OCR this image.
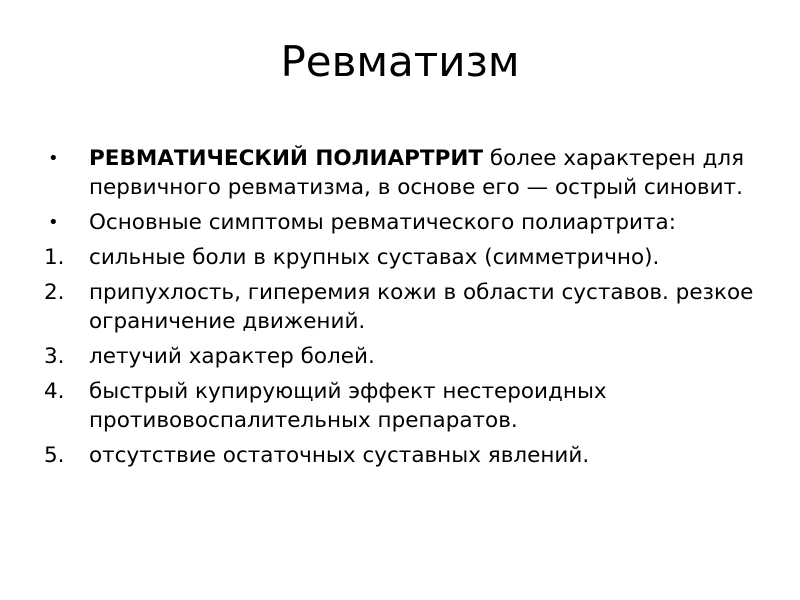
Ревматизм
• РЕВМАТИЧЕСКИЙ ПОЛИАРТРИТ более характерен для первичного ревматизма, в основе его — острый синовит.
• Основные симптомы ревматического полиартрита:
1. сильные боли в крупных суставах (симметрично).
2. припухлость, гиперемия кожи в области суставов. резкое ограничение движений.
3. летучий характер болей.
4. быстрый купирующий эффект нестероидных противовоспалительных препаратов.
5. отсутствие остаточных суставных явлений.
